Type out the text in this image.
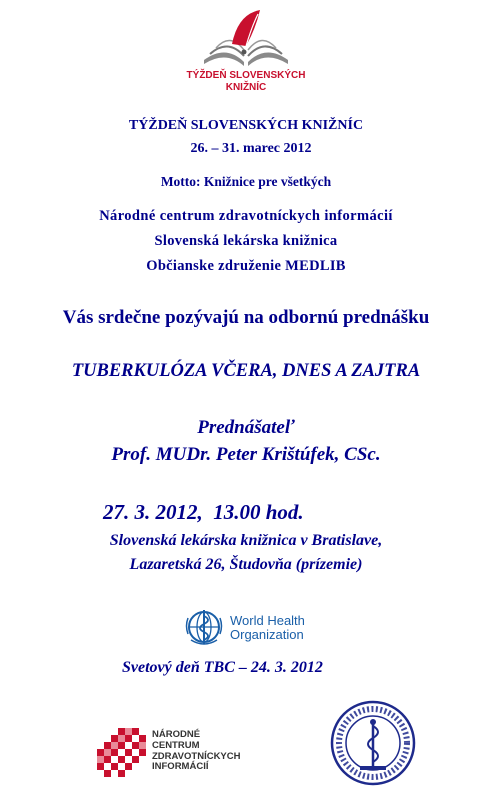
TÝŽDEŇ SLOVENSKÝCH
KNIŽNÍC
TÝŽDEŇ SLOVENSKÝCH KNIŽNÍC
26. – 31. marec 2012
Motto: Knižnice pre všetkých
Národné centrum zdravotníckych informácií
Slovenská lekárska knižnica
Občianske združenie MEDLIB
Vás srdečne pozývajú na odbornú prednášku
TUBERKULÓZA VČERA, DNES A ZAJTRA
Prednášateľ
Prof. MUDr. Peter Krištúfek, CSc.
27. 3. 2012,  13.00 hod.
Slovenská lekárska knižnica v Bratislave,
Lazaretská 26, Študovňa (prízemie)
World Health
Organization
Svetový deň TBC – 24. 3. 2012
NÁRODNÉ
CENTRUM
ZDRAVOTNÍCKYCH
INFORMÁCIÍ
